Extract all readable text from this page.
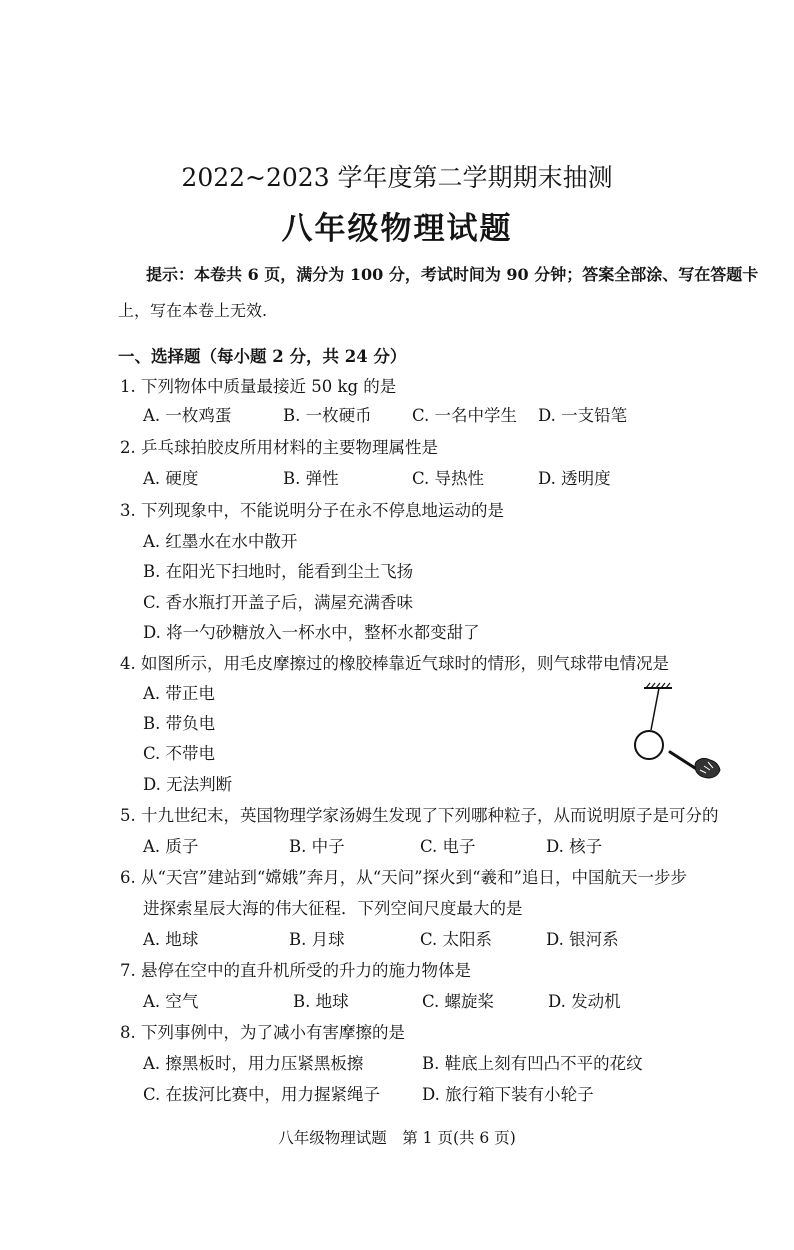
2022~2023 学年度第二学期期末抽测
八年级物理试题
提示：本卷共 6 页，满分为 100 分，考试时间为 90 分钟；答案全部涂、写在答题卡
上，写在本卷上无效.
一、选择题（每小题 2 分，共 24 分）
1. 下列物体中质量最接近 50 kg 的是
A. 一枚鸡蛋	B. 一枚硬币 C. 一名中学生 D. 一支铅笔
2. 乒乓球拍胶皮所用材料的主要物理属性是
A. 硬度	B. 弹性	C. 导热性	D. 透明度
3. 下列现象中，不能说明分子在永不停息地运动的是
A. 红墨水在水中散开
B. 在阳光下扫地时，能看到尘土飞扬
C. 香水瓶打开盖子后，满屋充满香味
D. 将一勺砂糖放入一杯水中，整杯水都变甜了
4. 如图所示，用毛皮摩擦过的橡胶棒靠近气球时的情形，则气球带电情况是
A. 带正电
B. 带负电
C. 不带电
D. 无法判断
5. 十九世纪末，英国物理学家汤姆生发现了下列哪种粒子，从而说明原子是可分的
A. 质子	B. 中子	C. 电子	D. 核子
6. 从“天宫”建站到“嫦娥”奔月，从“天问”探火到“羲和”追日，中国航天一步步
进探索星辰大海的伟大征程．下列空间尺度最大的是
A. 地球	B. 月球	C. 太阳系	D. 银河系
7. 悬停在空中的直升机所受的升力的施力物体是
A. 空气	B. 地球	C. 螺旋桨	D. 发动机
8. 下列事例中，为了减小有害摩擦的是
A. 擦黑板时，用力压紧黑板擦	B. 鞋底上刻有凹凸不平的花纹
C. 在拔河比赛中，用力握紧绳子	D. 旅行箱下装有小轮子
八年级物理试题　第 1 页(共 6 页)
